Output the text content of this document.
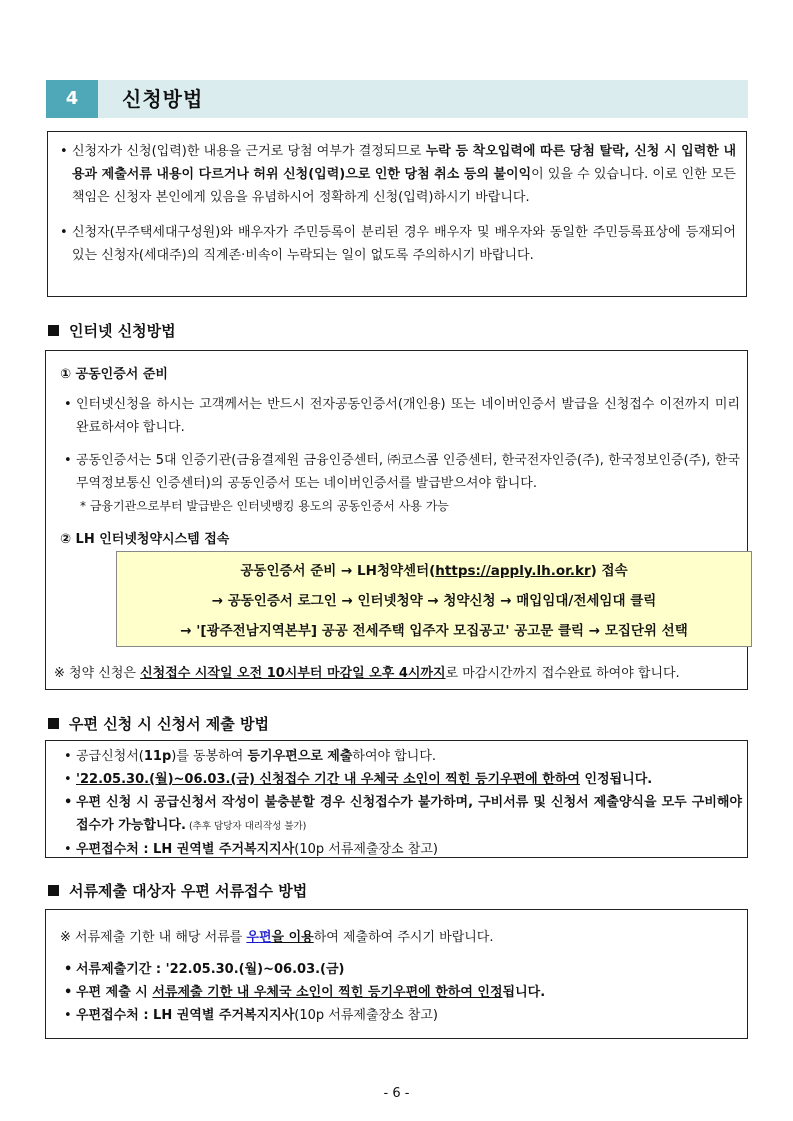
4	신청방법
• 신청자가 신청(입력)한 내용을 근거로 당첨 여부가 결정되므로 누락 등 착오입력에 따른 당첨 탈락, 신청 시 입력한 내용과 제출서류 내용이 다르거나 허위 신청(입력)으로 인한 당첨 취소 등의 불이익이 있을 수 있습니다. 이로 인한 모든 책임은 신청자 본인에게 있음을 유념하시어 정확하게 신청(입력)하시기 바랍니다.
• 신청자(무주택세대구성원)와 배우자가 주민등록이 분리된 경우 배우자 및 배우자와 동일한 주민등록표상에 등재되어 있는 신청자(세대주)의 직계존·비속이 누락되는 일이 없도록 주의하시기 바랍니다.
인터넷 신청방법
① 공동인증서 준비
• 인터넷신청을 하시는 고객께서는 반드시 전자공동인증서(개인용) 또는 네이버인증서 발급을 신청접수 이전까지 미리 완료하셔야 합니다.
• 공동인증서는 5대 인증기관(금융결제원 금융인증센터, ㈜코스콤 인증센터, 한국전자인증(주), 한국정보인증(주), 한국무역정보통신 인증센터)의 공동인증서 또는 네이버인증서를 발급받으셔야 합니다.
* 금융기관으로부터 발급받은 인터넷뱅킹 용도의 공동인증서 사용 가능
② LH 인터넷청약시스템 접속
공동인증서 준비 → LH청약센터(https://apply.lh.or.kr) 접속
→ 공동인증서 로그인 → 인터넷청약 → 청약신청 → 매입임대/전세임대 클릭
→ '[광주전남지역본부] 공공 전세주택 입주자 모집공고' 공고문 클릭 → 모집단위 선택
※ 청약 신청은 신청접수 시작일 오전 10시부터 마감일 오후 4시까지로 마감시간까지 접수완료 하여야 합니다.
우편 신청 시 신청서 제출 방법
• 공급신청서(11p)를 동봉하여 등기우편으로 제출하여야 합니다.
• '22.05.30.(월)~06.03.(금) 신청접수 기간 내 우체국 소인이 찍힌 등기우편에 한하여 인정됩니다.
• 우편 신청 시 공급신청서 작성이 불충분할 경우 신청접수가 불가하며, 구비서류 및 신청서 제출양식을 모두 구비해야 접수가 가능합니다. (추후 담당자 대리작성 불가)
• 우편접수처 : LH 권역별 주거복지지사(10p 서류제출장소 참고)
서류제출 대상자 우편 서류접수 방법
※ 서류제출 기한 내 해당 서류를 우편을 이용하여 제출하여 주시기 바랍니다.
• 서류제출기간 : '22.05.30.(월)~06.03.(금)
• 우편 제출 시 서류제출 기한 내 우체국 소인이 찍힌 등기우편에 한하여 인정됩니다.
• 우편접수처 : LH 권역별 주거복지지사(10p 서류제출장소 참고)
- 6 -
